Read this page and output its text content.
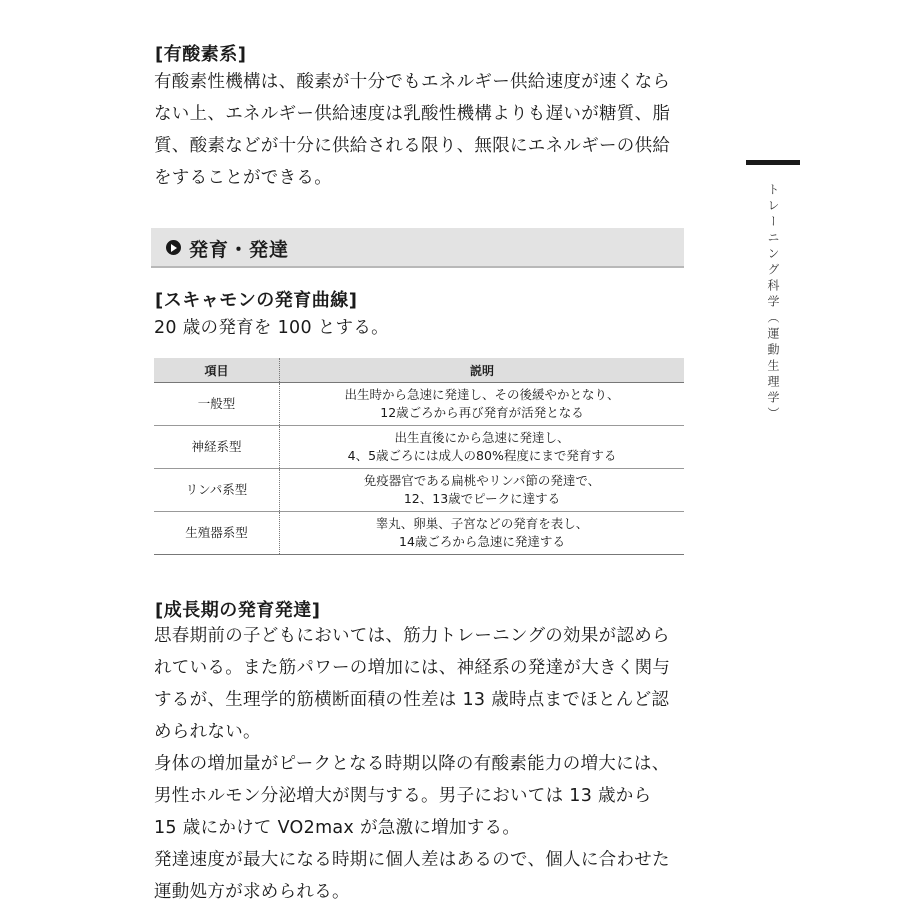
[有酸素系]
有酸素性機構は、酸素が十分でもエネルギー供給速度が速くなら
ない上、エネルギー供給速度は乳酸性機構よりも遅いが糖質、脂
質、酸素などが十分に供給される限り、無限にエネルギーの供給
をすることができる。
発育・発達
[スキャモンの発育曲線]
20 歳の発育を 100 とする。
項目	説明
一般型	出生時から急速に発達し、その後緩やかとなり、
12歳ごろから再び発育が活発となる
神経系型	出生直後にから急速に発達し、
4、5歳ごろには成人の80%程度にまで発育する
リンパ系型	免疫器官である扁桃やリンパ節の発達で、
12、13歳でピークに達する
生殖器系型	睾丸、卵巣、子宮などの発育を表し、
14歳ごろから急速に発達する
[成長期の発育発達]
思春期前の子どもにおいては、筋力トレーニングの効果が認めら
れている。また筋パワーの増加には、神経系の発達が大きく関与
するが、生理学的筋横断面積の性差は 13 歳時点までほとんど認
められない。
身体の増加量がピークとなる時期以降の有酸素能力の増大には、
男性ホルモン分泌増大が関与する。男子においては 13 歳から
15 歳にかけて VO2max が急激に増加する。
発達速度が最大になる時期に個人差はあるので、個人に合わせた
運動処方が求められる。
トレーニング科学（運動生理学）
